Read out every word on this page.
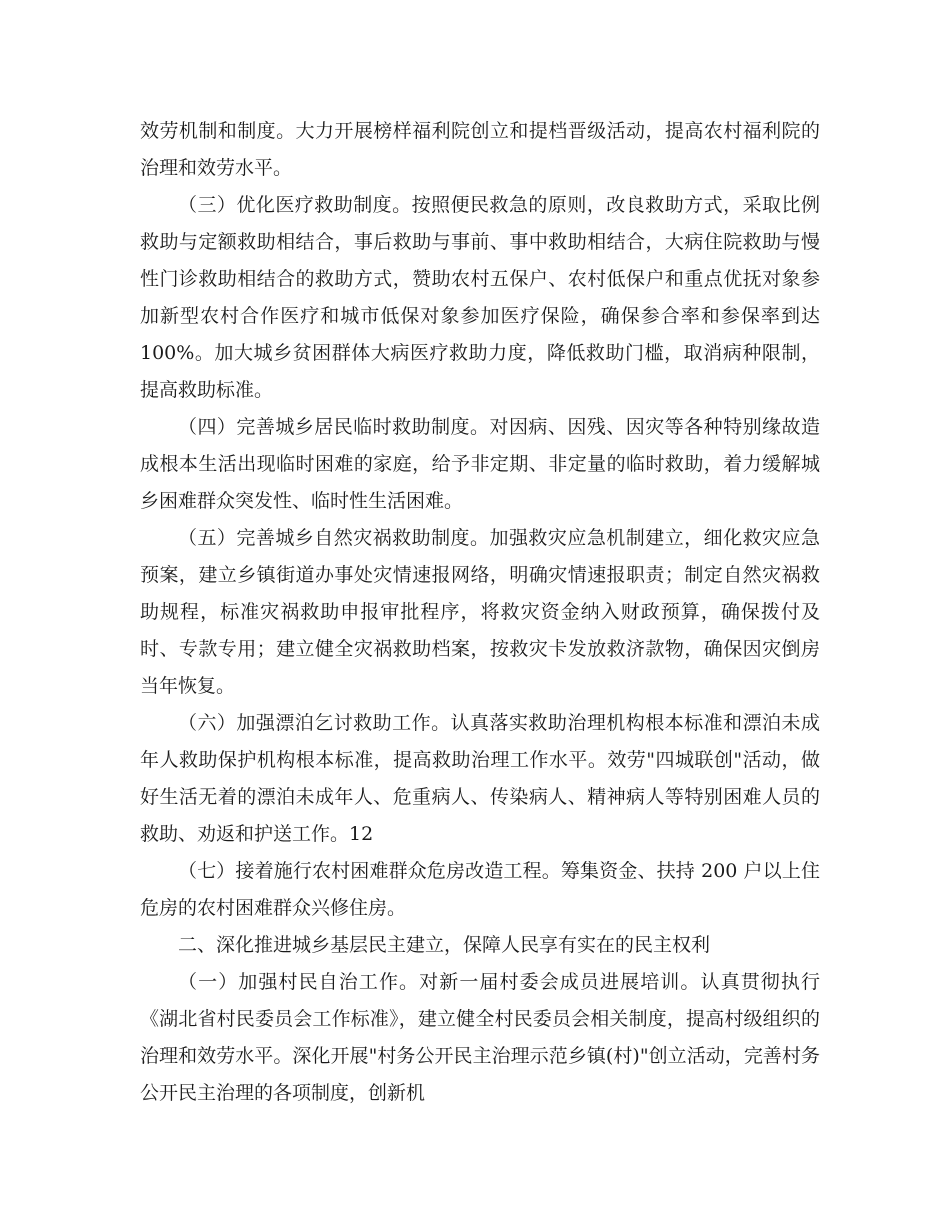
效劳机制和制度。大力开展榜样福利院创立和提档晋级活动，提高农村福利院的治理和效劳水平。

（三）优化医疗救助制度。按照便民救急的原则，改良救助方式，采取比例救助与定额救助相结合，事后救助与事前、事中救助相结合，大病住院救助与慢性门诊救助相结合的救助方式，赞助农村五保户、农村低保户和重点优抚对象参加新型农村合作医疗和城市低保对象参加医疗保险，确保参合率和参保率到达 100%。加大城乡贫困群体大病医疗救助力度，降低救助门槛，取消病种限制，提高救助标准。

（四）完善城乡居民临时救助制度。对因病、因残、因灾等各种特别缘故造成根本生活出现临时困难的家庭，给予非定期、非定量的临时救助，着力缓解城乡困难群众突发性、临时性生活困难。

（五）完善城乡自然灾祸救助制度。加强救灾应急机制建立，细化救灾应急预案，建立乡镇街道办事处灾情速报网络，明确灾情速报职责；制定自然灾祸救助规程，标准灾祸救助申报审批程序，将救灾资金纳入财政预算，确保拨付及时、专款专用；建立健全灾祸救助档案，按救灾卡发放救济款物，确保因灾倒房当年恢复。

（六）加强漂泊乞讨救助工作。认真落实救助治理机构根本标准和漂泊未成年人救助保护机构根本标准，提高救助治理工作水平。效劳"四城联创"活动，做好生活无着的漂泊未成年人、危重病人、传染病人、精神病人等特别困难人员的救助、劝返和护送工作。12

（七）接着施行农村困难群众危房改造工程。筹集资金、扶持 200 户以上住危房的农村困难群众兴修住房。

二、深化推进城乡基层民主建立，保障人民享有实在的民主权利

（一）加强村民自治工作。对新一届村委会成员进展培训。认真贯彻执行《湖北省村民委员会工作标准》，建立健全村民委员会相关制度，提高村级组织的治理和效劳水平。深化开展"村务公开民主治理示范乡镇(村)"创立活动，完善村务公开民主治理的各项制度，创新机
